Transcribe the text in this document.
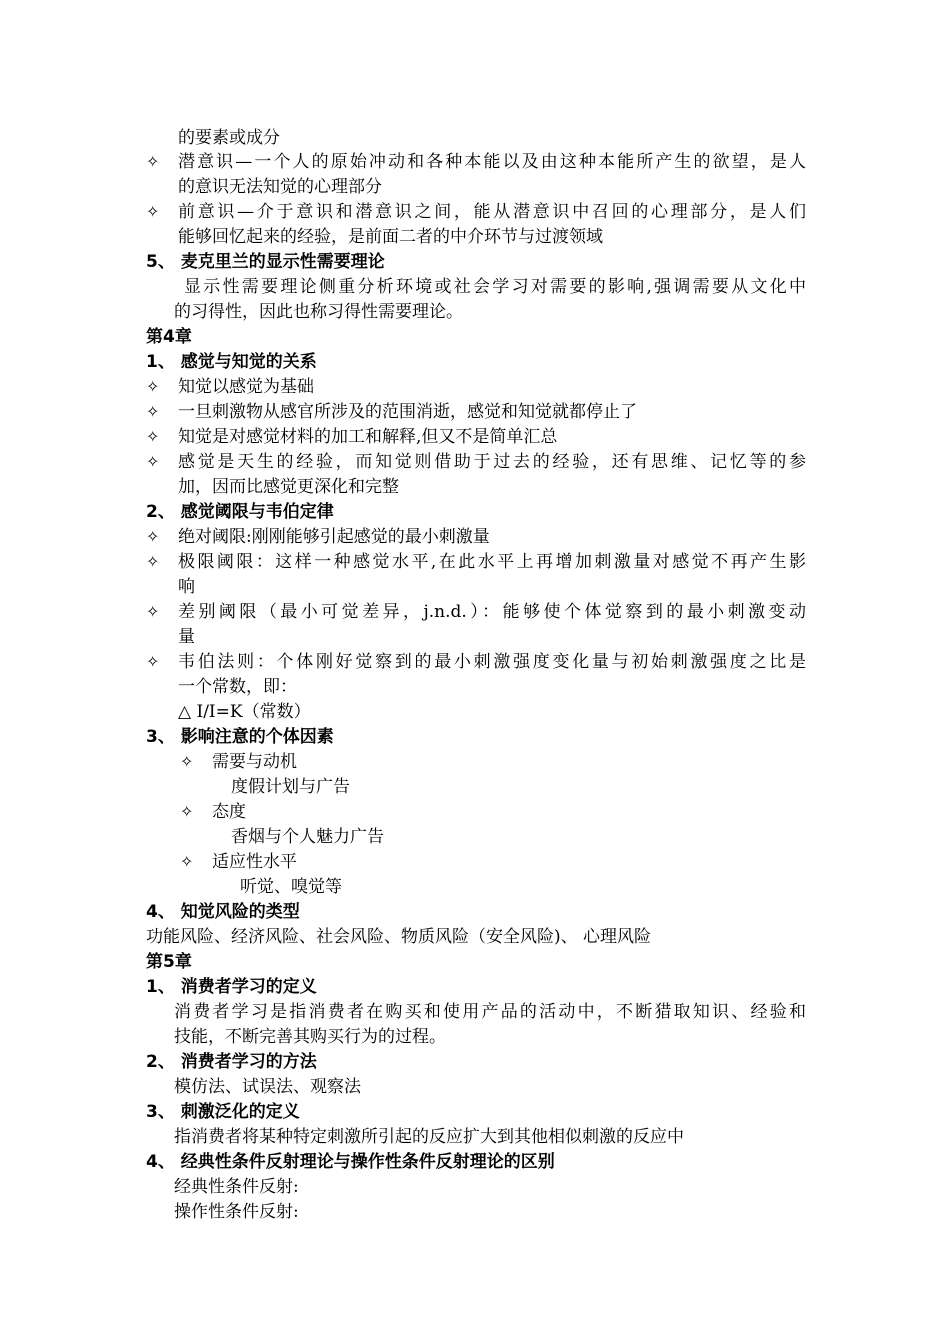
的要素或成分
✧ 潜意识—一个人的原始冲动和各种本能以及由这种本能所产生的欲望，是人
的意识无法知觉的心理部分
✧ 前意识—介于意识和潜意识之间，能从潜意识中召回的心理部分，是人们
能够回忆起来的经验，是前面二者的中介环节与过渡领域
5、 麦克里兰的显示性需要理论
显示性需要理论侧重分析环境或社会学习对需要的影响,强调需要从文化中
的习得性，因此也称习得性需要理论。
第4章
1、 感觉与知觉的关系
✧ 知觉以感觉为基础
✧ 一旦刺激物从感官所涉及的范围消逝，感觉和知觉就都停止了
✧ 知觉是对感觉材料的加工和解释,但又不是简单汇总
✧ 感觉是天生的经验，而知觉则借助于过去的经验，还有思维、记忆等的参
加，因而比感觉更深化和完整
2、 感觉阈限与韦伯定律
✧ 绝对阈限:刚刚能够引起感觉的最小刺激量
✧ 极限阈限：这样一种感觉水平,在此水平上再增加刺激量对感觉不再产生影
响
✧ 差别阈限（最小可觉差异，j.n.d.）：能够使个体觉察到的最小刺激变动
量
✧ 韦伯法则：个体刚好觉察到的最小刺激强度变化量与初始刺激强度之比是
一个常数，即：
△ I/I=K（常数）
3、 影响注意的个体因素
✧ 需要与动机
度假计划与广告
✧ 态度
香烟与个人魅力广告
✧ 适应性水平
听觉、嗅觉等
4、 知觉风险的类型
功能风险、经济风险、社会风险、物质风险（安全风险)、 心理风险
第5章
1、 消费者学习的定义
消费者学习是指消费者在购买和使用产品的活动中，不断猎取知识、经验和
技能，不断完善其购买行为的过程。
2、 消费者学习的方法
模仿法、试误法、观察法
3、 刺激泛化的定义
指消费者将某种特定刺激所引起的反应扩大到其他相似刺激的反应中
4、 经典性条件反射理论与操作性条件反射理论的区别
经典性条件反射:
操作性条件反射:
